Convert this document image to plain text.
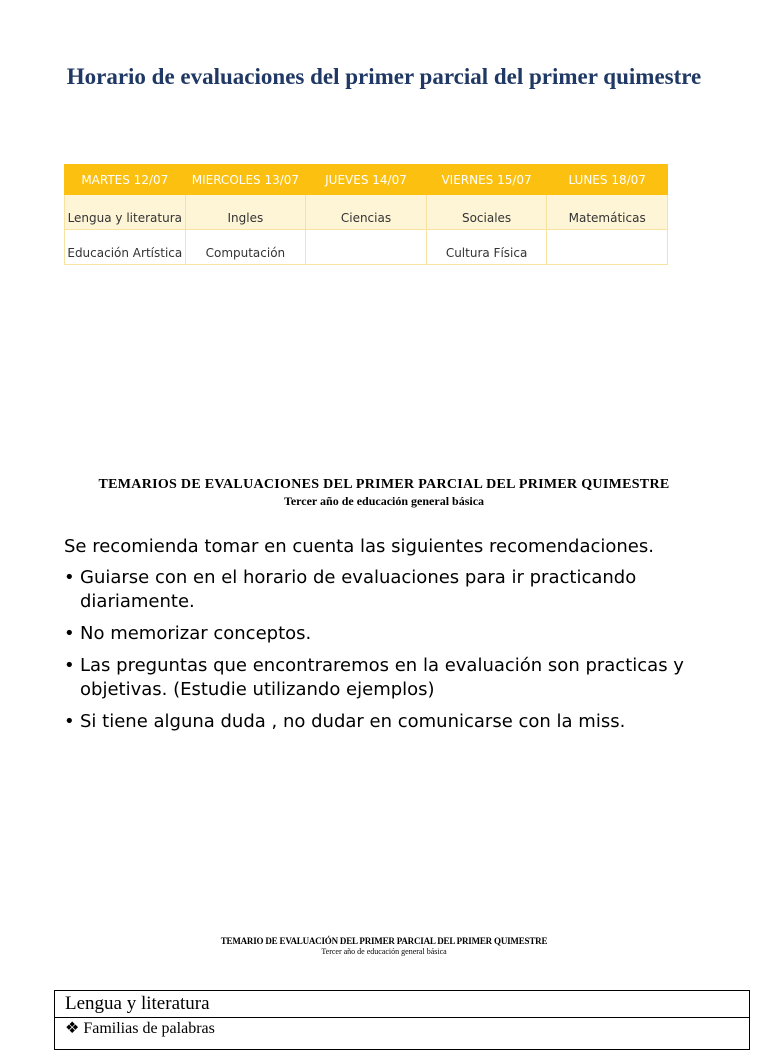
Horario de evaluaciones del primer parcial del primer quimestre
MARTES 12/07	MIERCOLES 13/07	JUEVES 14/07	VIERNES 15/07	LUNES 18/07
Lengua y literatura	Ingles	Ciencias	Sociales	Matemáticas
Educación Artística	Computación		Cultura Física	

TEMARIOS DE EVALUACIONES DEL PRIMER PARCIAL DEL PRIMER QUIMESTRE

Tercer año de educación general básica

Se recomienda tomar en cuenta las siguientes recomendaciones.

• Guiarse con en el horario de evaluaciones para ir practicando diariamente.
• No memorizar conceptos.
• Las preguntas que encontraremos en la evaluación son practicas y objetivas. (Estudie utilizando ejemplos)
• Si tiene alguna duda , no dudar en comunicarse con la miss.

TEMARIO DE EVALUACIÓN DEL PRIMER PARCIAL DEL PRIMER QUIMESTRE

Tercer año de educación general básica

Lengua y literatura
❖ Familias de palabras
